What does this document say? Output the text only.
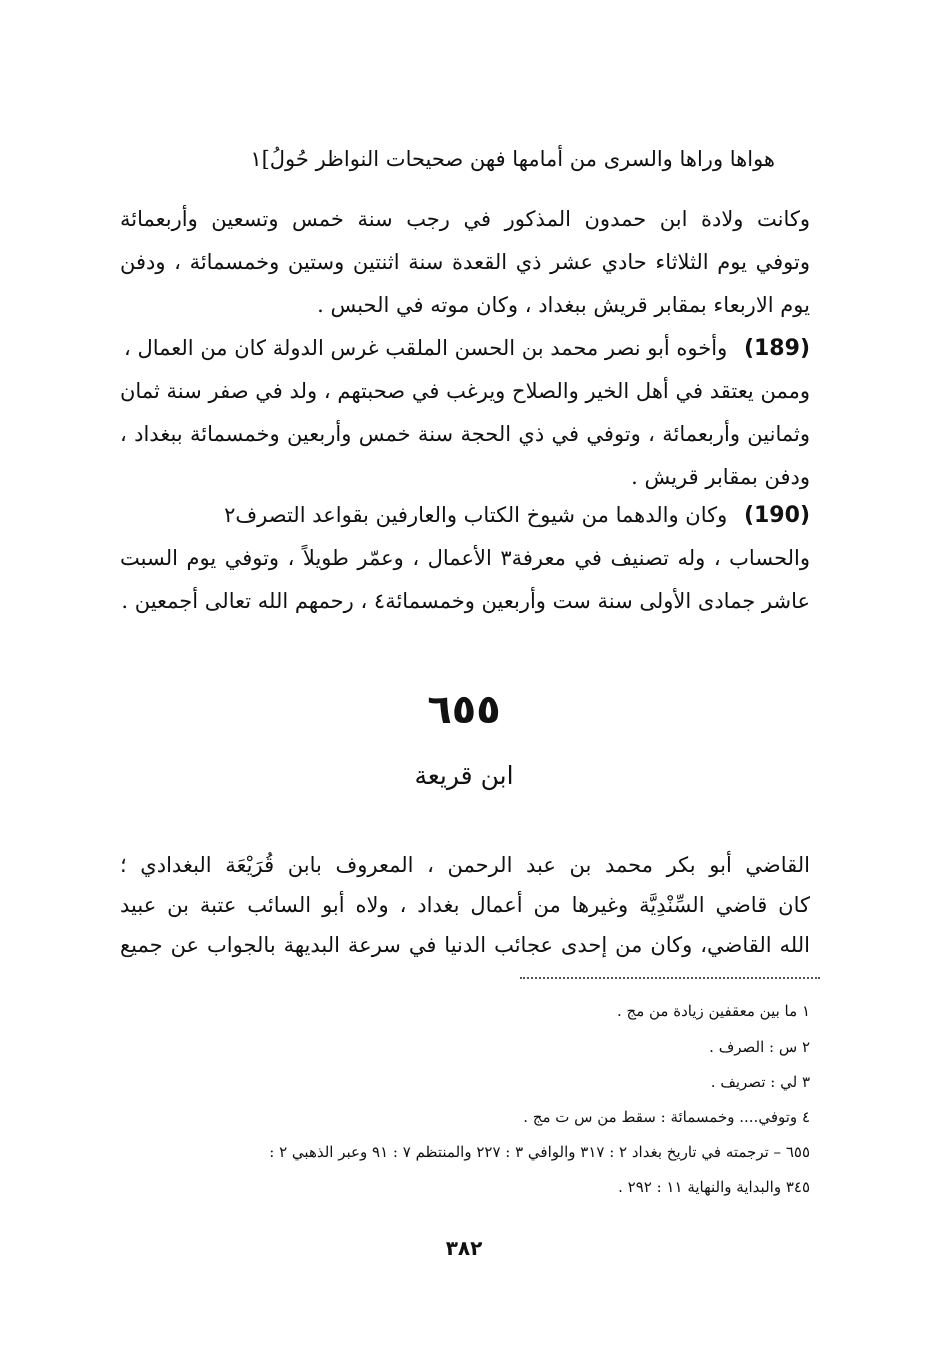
هواها وراها والسرى من أمامها فهن صحيحات النواظر حُولُ]١
وكانت ولادة ابن حمدون المذكور في رجب سنة خمس وتسعين وأربعمائة
وتوفي يوم الثلاثاء حادي عشر ذي القعدة سنة اثنتين وستين وخمسمائة ، ودفن
يوم الاربعاء بمقابر قريش ببغداد ، وكان موته في الحبس .
(189) وأخوه أبو نصر محمد بن الحسن الملقب غرس الدولة كان من العمال ،
وممن يعتقد في أهل الخير والصلاح ويرغب في صحبتهم ، ولد في صفر سنة ثمان
وثمانين وأربعمائة ، وتوفي في ذي الحجة سنة خمس وأربعين وخمسمائة ببغداد ،
ودفن بمقابر قريش .
(190) وكان والدهما من شيوخ الكتاب والعارفين بقواعد التصرف٢
والحساب ، وله تصنيف في معرفة٣ الأعمال ، وعمّر طويلاً ، وتوفي يوم السبت
عاشر جمادى الأولى سنة ست وأربعين وخمسمائة٤ ، رحمهم الله تعالى أجمعين .
٦٥٥
ابن قريعة
القاضي أبو بكر محمد بن عبد الرحمن ، المعروف بابن قُرَيْعَة البغدادي ؛
كان قاضي السِّنْدِيَّة وغيرها من أعمال بغداد ، ولاه أبو السائب عتبة بن عبيد
الله القاضي، وكان من إحدى عجائب الدنيا في سرعة البديهة بالجواب عن جميع
١ ما بين معقفين زيادة من مج .
٢ س : الصرف .
٣ لي : تصريف .
٤ وتوفي.... وخمسمائة : سقط من س ت مج .
٦٥٥ – ترجمته في تاريخ بغداد ٢ : ٣١٧ والوافي ٣ : ٢٢٧ والمنتظم ٧ : ٩١ وعبر الذهبي ٢ :
٣٤٥ والبداية والنهاية ١١ : ٢٩٢ .
٣٨٢
